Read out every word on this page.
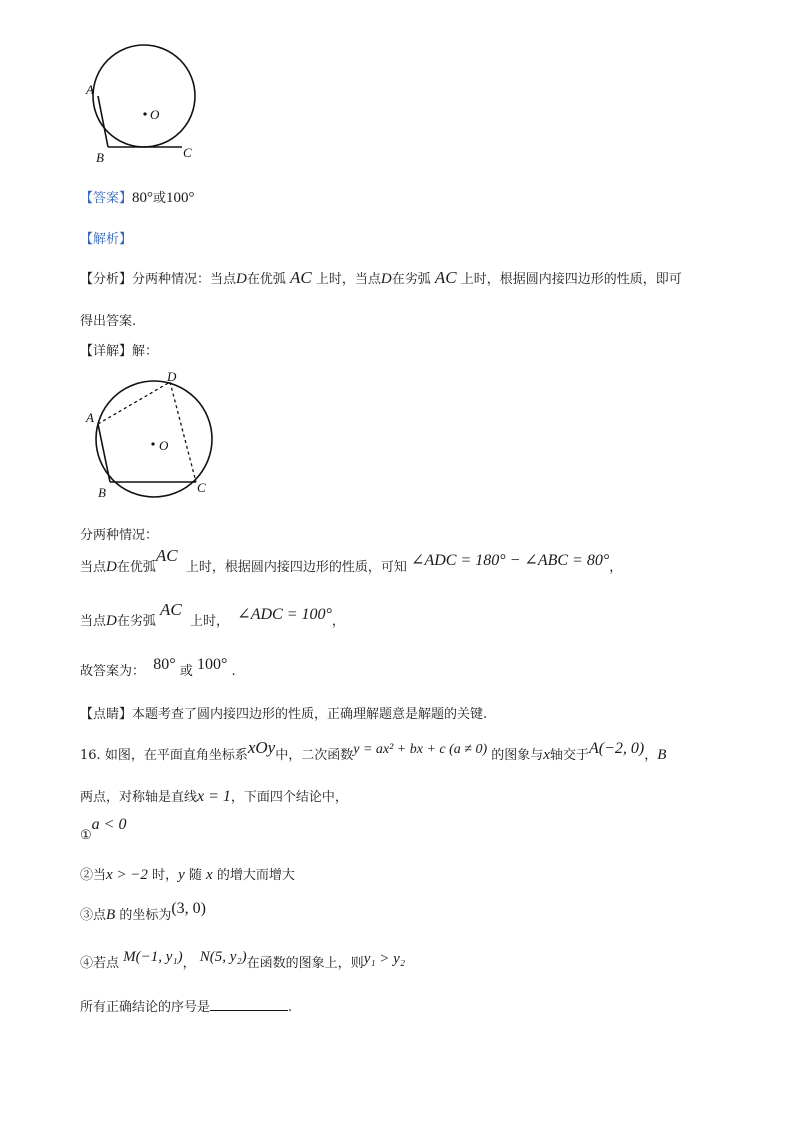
A
B	C
O
【答案】80°或100°
【解析】
【分析】分两种情况：当点D在优弧 AC 上时，当点D在劣弧 AC 上时，根据圆内接四边形的性质，即可
得出答案.
【详解】解：
A
B	C
D
O
分两种情况：
当点D在优弧AC  上时，根据圆内接四边形的性质，可知 ∠ADC = 180° − ∠ABC = 80°，
当点D在劣弧 AC  上时， ∠ADC = 100°，
故答案为： 80° 或 100° .
【点睛】本题考查了圆内接四边形的性质，正确理解题意是解题的关键.
16. 如图，在平面直角坐标系xOy中，二次函数y = ax² + bx + c (a ≠ 0) 的图象与x轴交于A(−2, 0)，B
两点，对称轴是直线x = 1，下面四个结论中，
①a < 0
②当x > −2 时，y 随 x 的增大而增大
③点B 的坐标为(3, 0)
④若点 M(−1, y₁)， N(5, y₂)在函数的图象上，则y₁ > y₂
所有正确结论的序号是	.
